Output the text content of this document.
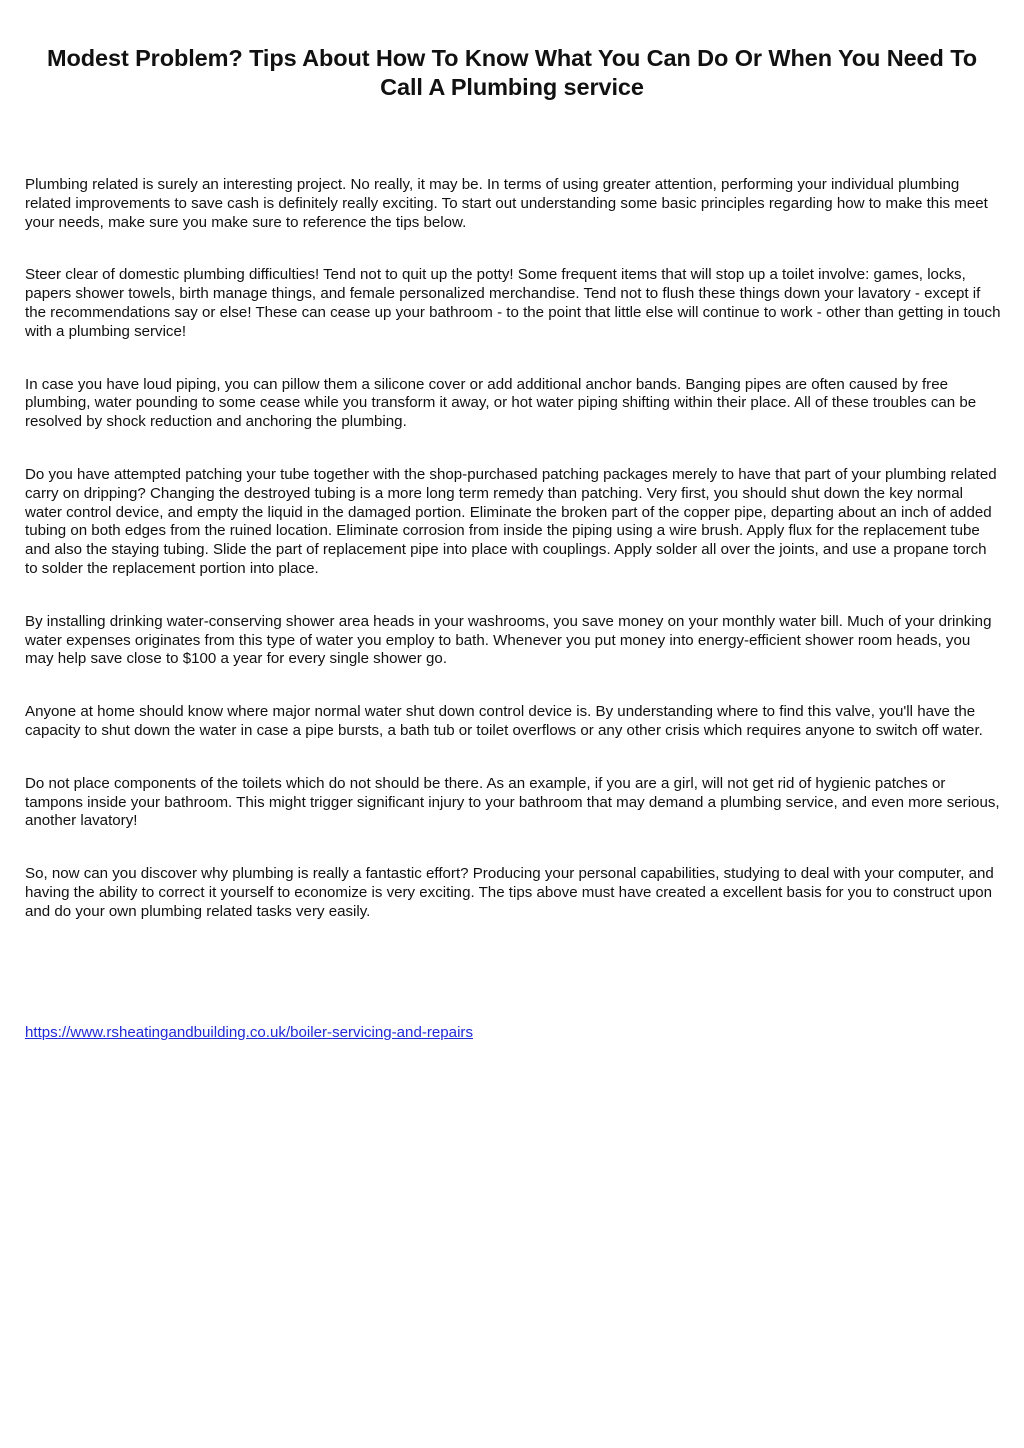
Modest Problem? Tips About How To Know What You Can Do Or When You Need To Call A Plumbing service

Plumbing related is surely an interesting project. No really, it may be. In terms of using greater attention, performing your individual plumbing related improvements to save cash is definitely really exciting. To start out understanding some basic principles regarding how to make this meet your needs, make sure you make sure to reference the tips below.

Steer clear of domestic plumbing difficulties! Tend not to quit up the potty! Some frequent items that will stop up a toilet involve: games, locks, papers shower towels, birth manage things, and female personalized merchandise. Tend not to flush these things down your lavatory - except if the recommendations say or else! These can cease up your bathroom - to the point that little else will continue to work - other than getting in touch with a plumbing service!

In case you have loud piping, you can pillow them a silicone cover or add additional anchor bands. Banging pipes are often caused by free plumbing, water pounding to some cease while you transform it away, or hot water piping shifting within their place. All of these troubles can be resolved by shock reduction and anchoring the plumbing.

Do you have attempted patching your tube together with the shop-purchased patching packages merely to have that part of your plumbing related carry on dripping? Changing the destroyed tubing is a more long term remedy than patching. Very first, you should shut down the key normal water control device, and empty the liquid in the damaged portion. Eliminate the broken part of the copper pipe, departing about an inch of added tubing on both edges from the ruined location. Eliminate corrosion from inside the piping using a wire brush. Apply flux for the replacement tube and also the staying tubing. Slide the part of replacement pipe into place with couplings. Apply solder all over the joints, and use a propane torch to solder the replacement portion into place.

By installing drinking water-conserving shower area heads in your washrooms, you save money on your monthly water bill. Much of your drinking water expenses originates from this type of water you employ to bath. Whenever you put money into energy-efficient shower room heads, you may help save close to $100 a year for every single shower go.

Anyone at home should know where major normal water shut down control device is. By understanding where to find this valve, you'll have the capacity to shut down the water in case a pipe bursts, a bath tub or toilet overflows or any other crisis which requires anyone to switch off water.

Do not place components of the toilets which do not should be there. As an example, if you are a girl, will not get rid of hygienic patches or tampons inside your bathroom. This might trigger significant injury to your bathroom that may demand a plumbing service, and even more serious, another lavatory!

So, now can you discover why plumbing is really a fantastic effort? Producing your personal capabilities, studying to deal with your computer, and having the ability to correct it yourself to economize is very exciting. The tips above must have created a excellent basis for you to construct upon and do your own plumbing related tasks very easily.

https://www.rsheatingandbuilding.co.uk/boiler-servicing-and-repairs
